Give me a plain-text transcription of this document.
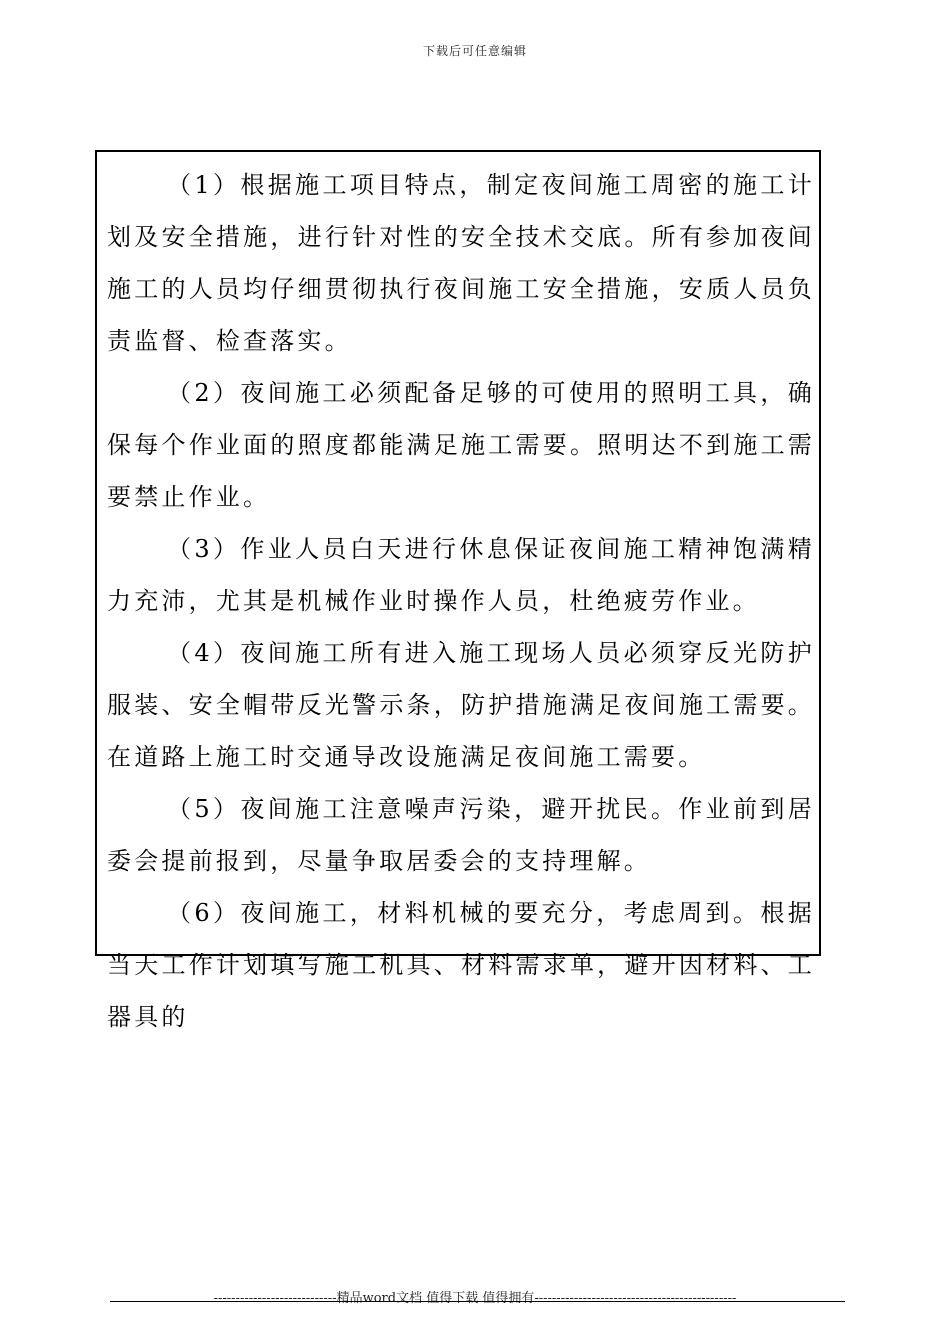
下载后可任意编辑

（1）根据施工项目特点，制定夜间施工周密的施工计划及安全措施，进行针对性的安全技术交底。所有参加夜间施工的人员均仔细贯彻执行夜间施工安全措施，安质人员负责监督、检查落实。

（2）夜间施工必须配备足够的可使用的照明工具，确保每个作业面的照度都能满足施工需要。照明达不到施工需要禁止作业。

（3）作业人员白天进行休息保证夜间施工精神饱满精力充沛，尤其是机械作业时操作人员，杜绝疲劳作业。

（4）夜间施工所有进入施工现场人员必须穿反光防护服装、安全帽带反光警示条，防护措施满足夜间施工需要。在道路上施工时交通导改设施满足夜间施工需要。

（5）夜间施工注意噪声污染，避开扰民。作业前到居委会提前报到，尽量争取居委会的支持理解。

（6）夜间施工，材料机械的要充分，考虑周到。根据当天工作计划填写施工机具、材料需求单，避开因材料、工器具的

----------------------------精品word文档 值得下载 值得拥有----------------------------------------------
